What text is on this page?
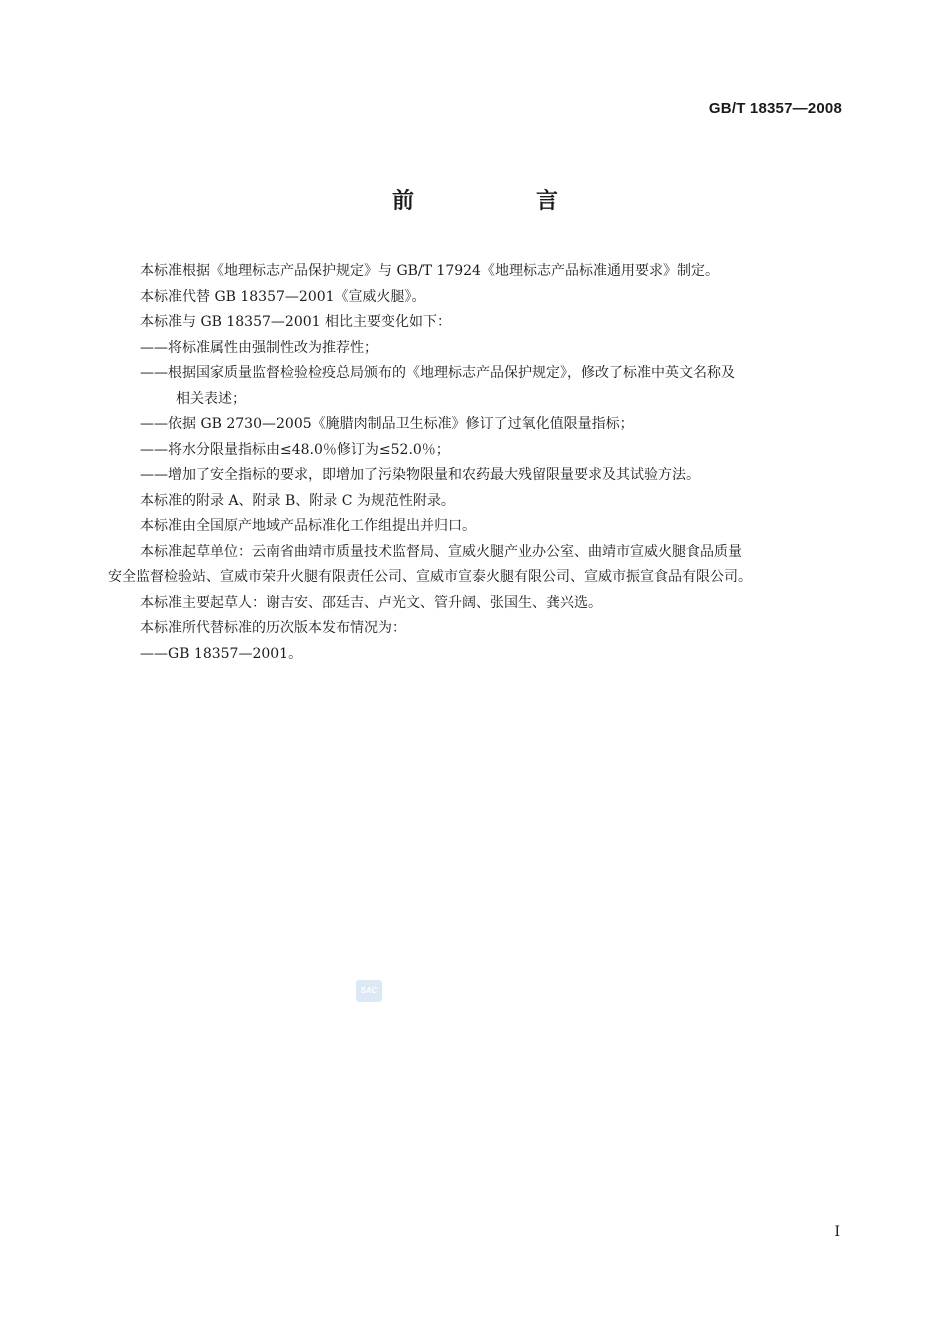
GB/T 18357—2008
前　言
本标准根据《地理标志产品保护规定》与 GB/T 17924《地理标志产品标准通用要求》制定。
本标准代替 GB 18357—2001《宣威火腿》。
本标准与 GB 18357—2001 相比主要变化如下：
——将标准属性由强制性改为推荐性；
——根据国家质量监督检验检疫总局颁布的《地理标志产品保护规定》，修改了标准中英文名称及
相关表述；
——依据 GB 2730—2005《腌腊肉制品卫生标准》修订了过氧化值限量指标；
——将水分限量指标由≤48.0％修订为≤52.0％；
——增加了安全指标的要求，即增加了污染物限量和农药最大残留限量要求及其试验方法。
本标准的附录 A、附录 B、附录 C 为规范性附录。
本标准由全国原产地域产品标准化工作组提出并归口。
本标准起草单位：云南省曲靖市质量技术监督局、宣威火腿产业办公室、曲靖市宣威火腿食品质量
安全监督检验站、宣威市荣升火腿有限责任公司、宣威市宣泰火腿有限公司、宣威市振宣食品有限公司。
本标准主要起草人：谢吉安、邵廷吉、卢光文、管升阔、张国生、龚兴选。
本标准所代替标准的历次版本发布情况为：
——GB 18357—2001。
SAC
I
